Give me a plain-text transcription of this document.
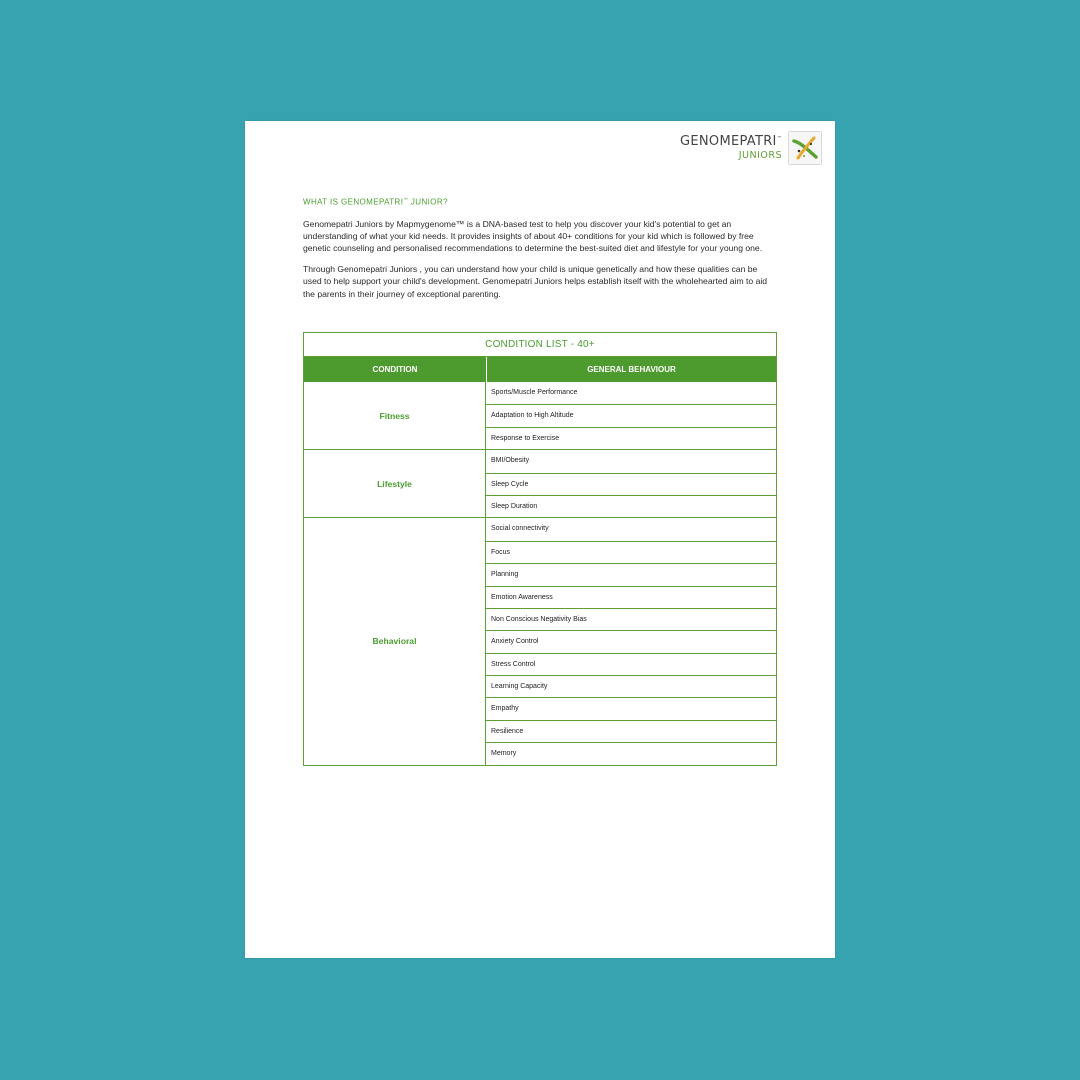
GENOMEPATRI™
JUNIORS

WHAT IS GENOMEPATRI™ JUNIOR?

Genomepatri Juniors by Mapmygenome™ is a DNA-based test to help you discover your kid's potential to get an understanding of what your kid needs. It provides insights of about 40+ conditions for your kid which is followed by free genetic counseling and personalised recommendations to determine the best-suited diet and lifestyle for your young one.

Through Genomepatri Juniors , you can understand how your child is unique genetically and how these qualities can be used to help support your child's development. Genomepatri Juniors helps establish itself with the wholehearted aim to aid the parents in their journey of exceptional parenting.

CONDITION LIST - 40+
CONDITION	GENERAL BEHAVIOUR
Fitness
Sports/Muscle Performance
Adaptation to High Altitude
Response to Exercise
Lifestyle
BMI/Obesity
Sleep Cycle
Sleep Duration
Behavioral
Social connectivity
Focus
Planning
Emotion Awareness
Non Conscious Negativity Bias
Anxiety Control
Stress Control
Learning Capacity
Empathy
Resilience
Memory
